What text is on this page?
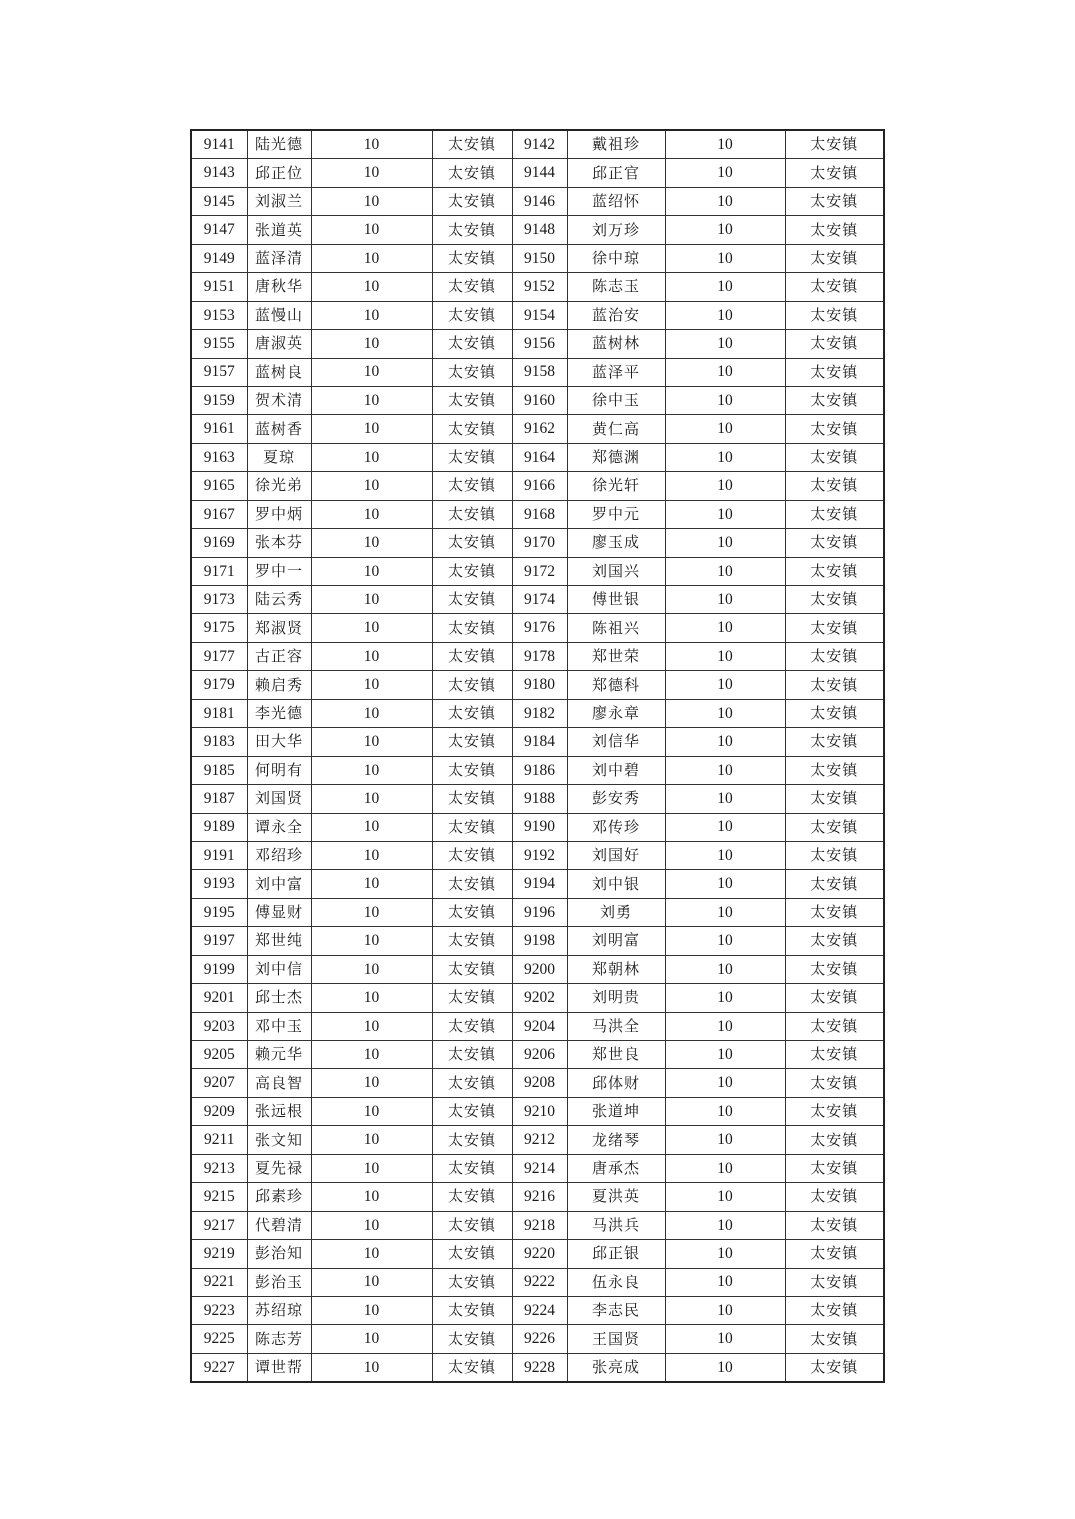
9141	陆光德	10	太安镇	9142	戴祖珍	10	太安镇
9143	邱正位	10	太安镇	9144	邱正官	10	太安镇
9145	刘淑兰	10	太安镇	9146	蓝绍怀	10	太安镇
9147	张道英	10	太安镇	9148	刘万珍	10	太安镇
9149	蓝泽清	10	太安镇	9150	徐中琼	10	太安镇
9151	唐秋华	10	太安镇	9152	陈志玉	10	太安镇
9153	蓝慢山	10	太安镇	9154	蓝治安	10	太安镇
9155	唐淑英	10	太安镇	9156	蓝树林	10	太安镇
9157	蓝树良	10	太安镇	9158	蓝泽平	10	太安镇
9159	贺术清	10	太安镇	9160	徐中玉	10	太安镇
9161	蓝树香	10	太安镇	9162	黄仁高	10	太安镇
9163	夏琼	10	太安镇	9164	郑德渊	10	太安镇
9165	徐光弟	10	太安镇	9166	徐光轩	10	太安镇
9167	罗中炳	10	太安镇	9168	罗中元	10	太安镇
9169	张本芬	10	太安镇	9170	廖玉成	10	太安镇
9171	罗中一	10	太安镇	9172	刘国兴	10	太安镇
9173	陆云秀	10	太安镇	9174	傅世银	10	太安镇
9175	郑淑贤	10	太安镇	9176	陈祖兴	10	太安镇
9177	古正容	10	太安镇	9178	郑世荣	10	太安镇
9179	赖启秀	10	太安镇	9180	郑德科	10	太安镇
9181	李光德	10	太安镇	9182	廖永章	10	太安镇
9183	田大华	10	太安镇	9184	刘信华	10	太安镇
9185	何明有	10	太安镇	9186	刘中碧	10	太安镇
9187	刘国贤	10	太安镇	9188	彭安秀	10	太安镇
9189	谭永全	10	太安镇	9190	邓传珍	10	太安镇
9191	邓绍珍	10	太安镇	9192	刘国好	10	太安镇
9193	刘中富	10	太安镇	9194	刘中银	10	太安镇
9195	傅显财	10	太安镇	9196	刘勇	10	太安镇
9197	郑世纯	10	太安镇	9198	刘明富	10	太安镇
9199	刘中信	10	太安镇	9200	郑朝林	10	太安镇
9201	邱士杰	10	太安镇	9202	刘明贵	10	太安镇
9203	邓中玉	10	太安镇	9204	马洪全	10	太安镇
9205	赖元华	10	太安镇	9206	郑世良	10	太安镇
9207	高良智	10	太安镇	9208	邱体财	10	太安镇
9209	张远根	10	太安镇	9210	张道坤	10	太安镇
9211	张文知	10	太安镇	9212	龙绪琴	10	太安镇
9213	夏先禄	10	太安镇	9214	唐承杰	10	太安镇
9215	邱素珍	10	太安镇	9216	夏洪英	10	太安镇
9217	代碧清	10	太安镇	9218	马洪兵	10	太安镇
9219	彭治知	10	太安镇	9220	邱正银	10	太安镇
9221	彭治玉	10	太安镇	9222	伍永良	10	太安镇
9223	苏绍琼	10	太安镇	9224	李志民	10	太安镇
9225	陈志芳	10	太安镇	9226	王国贤	10	太安镇
9227	谭世帮	10	太安镇	9228	张亮成	10	太安镇
